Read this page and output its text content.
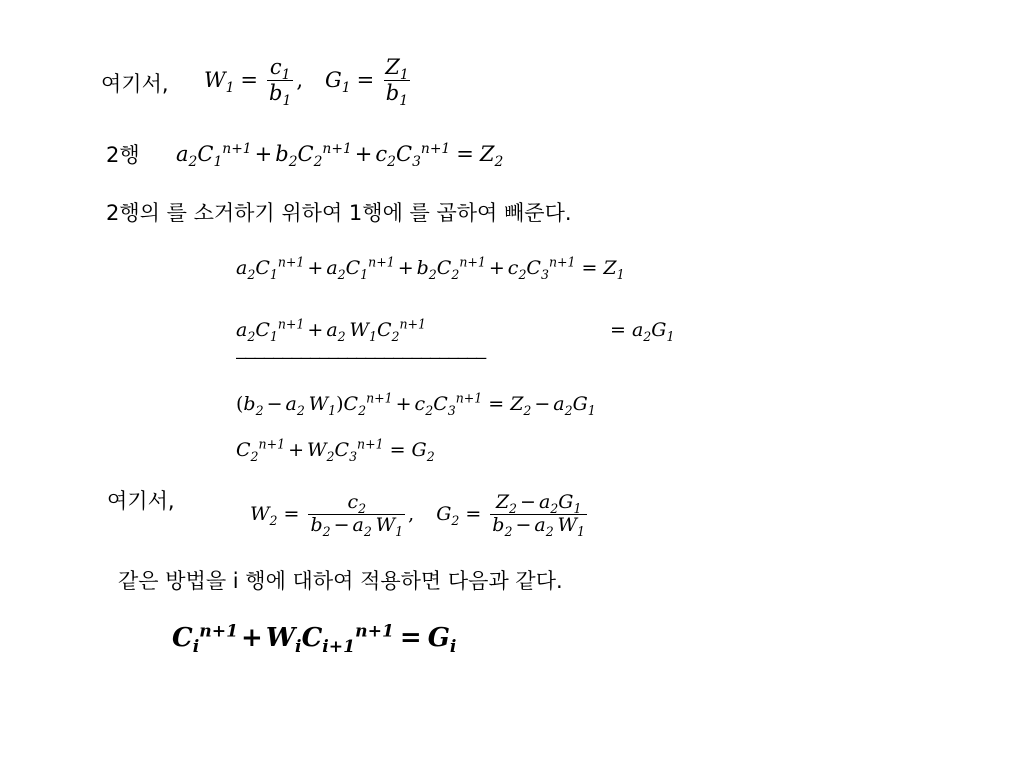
여기서, $W_1 = \frac{c_1}{b_1}$ , $G_1 = \frac{Z_1}{b_1}$
2행 $a_2C_1^{n+1} + b_2C_2^{n+1} + c_2C_3^{n+1} = Z_2$
2행의 를 소거하기 위하여 1행에 를 곱하여 빼준다.
$a_2C_1^{n+1} + a_2C_1^{n+1} + b_2C_2^{n+1} + c_2C_3^{n+1} = Z_1$
$a_2C_1^{n+1} + a_2$ $W_1C_2^{n+1}$	= $a_2G_1$
———————————————————————————
( $b_2 - a_2$ $W_1$ ) $C_2^{n+1} + c_2C_3^{n+1} = Z_2 - a_2G_1$
$C_2^{n+1} + W_2C_3^{n+1} = G_2$
여기서,
$W_2 = \frac{c_2}{b_2 - a_2 W_1}$ , $G_2 = \frac{Z_2 - a_2G_1}{b_2 - a_2 W_1}$
같은 방법을 i 행에 대하여 적용하면 다음과 같다.
$C_i^{n+1} + W_iC_{i+1}^{n+1} = G_i$
